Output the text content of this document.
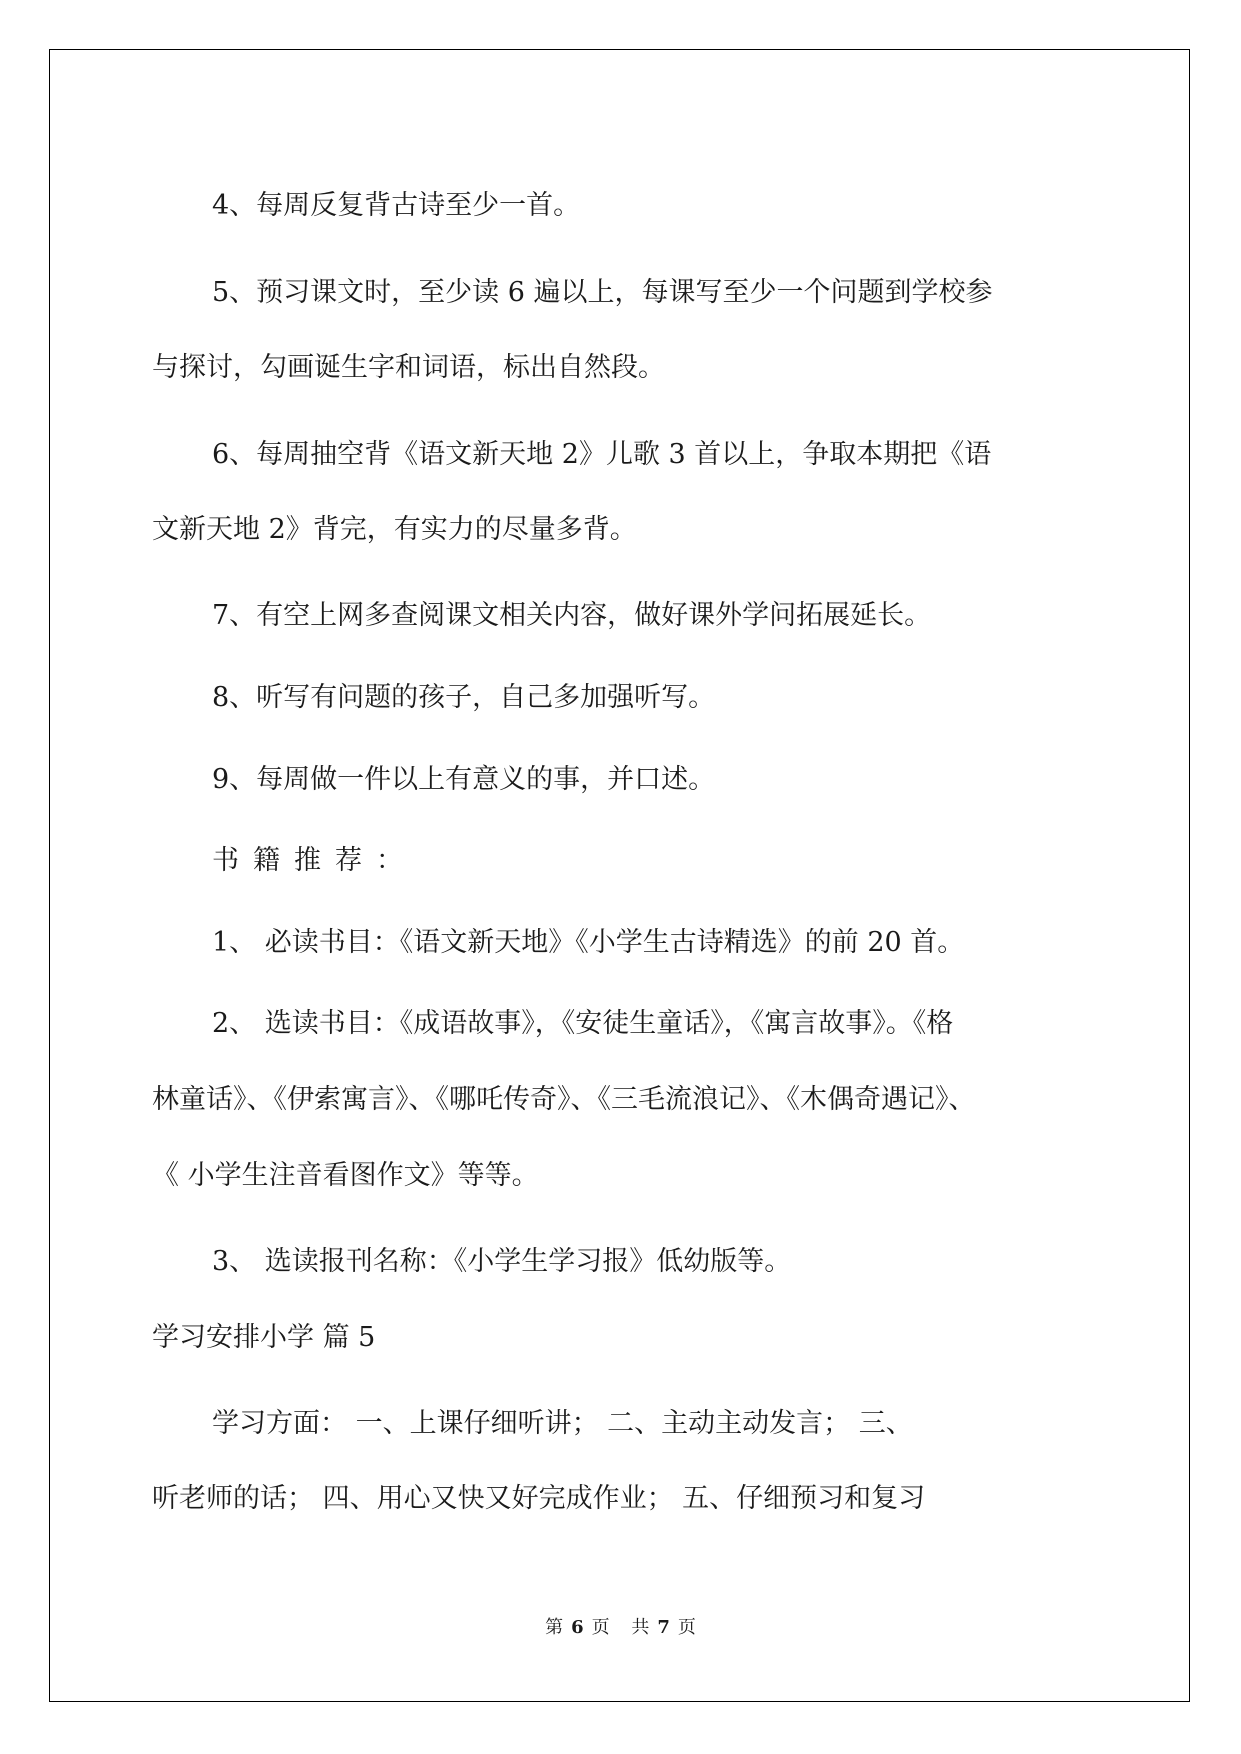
4、每周反复背古诗至少一首。
5、预习课文时，至少读 6 遍以上，每课写至少一个问题到学校参
与探讨，勾画诞生字和词语，标出自然段。
6、每周抽空背《语文新天地 2》儿歌 3 首以上，争取本期把《语
文新天地 2》背完，有实力的尽量多背。
7、有空上网多查阅课文相关内容，做好课外学问拓展延长。
8、听写有问题的孩子，自己多加强听写。
9、每周做一件以上有意义的事，并口述。
书籍推荐：
1、 必读书目：《语文新天地》《小学生古诗精选》的前 20 首。
2、 选读书目：《成语故事》，《安徒生童话》，《寓言故事》。《格
林童话》、《伊索寓言》、《哪吒传奇》、《三毛流浪记》、《木偶奇遇记》、
《 小学生注音看图作文》等等。
3、 选读报刊名称：《小学生学习报》低幼版等。
学习安排小学 篇 5
学习方面： 一、上课仔细听讲； 二、主动主动发言； 三、
听老师的话； 四、用心又快又好完成作业； 五、仔细预习和复习
第 6 页 共 7 页
